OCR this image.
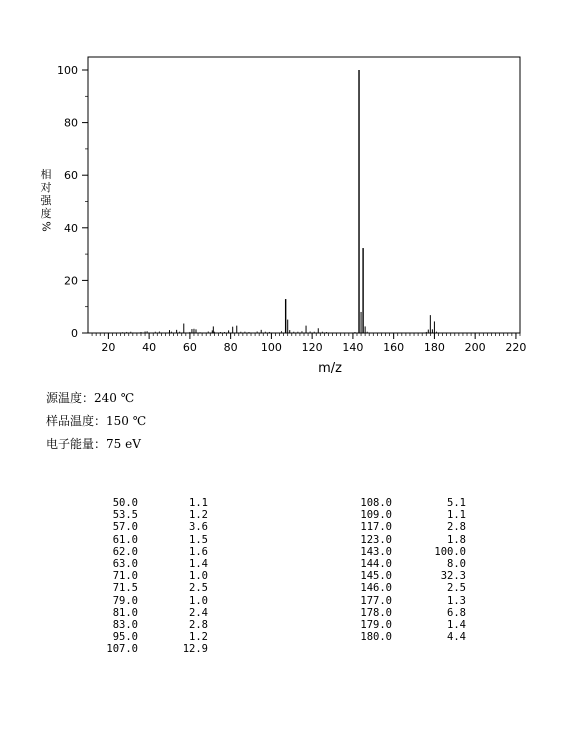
20 40 60 80 100 120 140 160 180 200 220
0
20
40
60
80
100
相
对
强
度
%
m/z
源温度：240 ℃
样品温度：150 ℃
电子能量：75 eV
50.0	1.1
53.5	1.2
57.0	3.6
61.0	1.5
62.0	1.6
63.0	1.4
71.0	1.0
71.5	2.5
79.0	1.0
81.0	2.4
83.0	2.8
95.0	1.2
107.0	12.9
108.0	5.1
109.0	1.1
117.0	2.8
123.0	1.8
143.0	100.0
144.0	8.0
145.0	32.3
146.0	2.5
177.0	1.3
178.0	6.8
179.0	1.4
180.0	4.4
